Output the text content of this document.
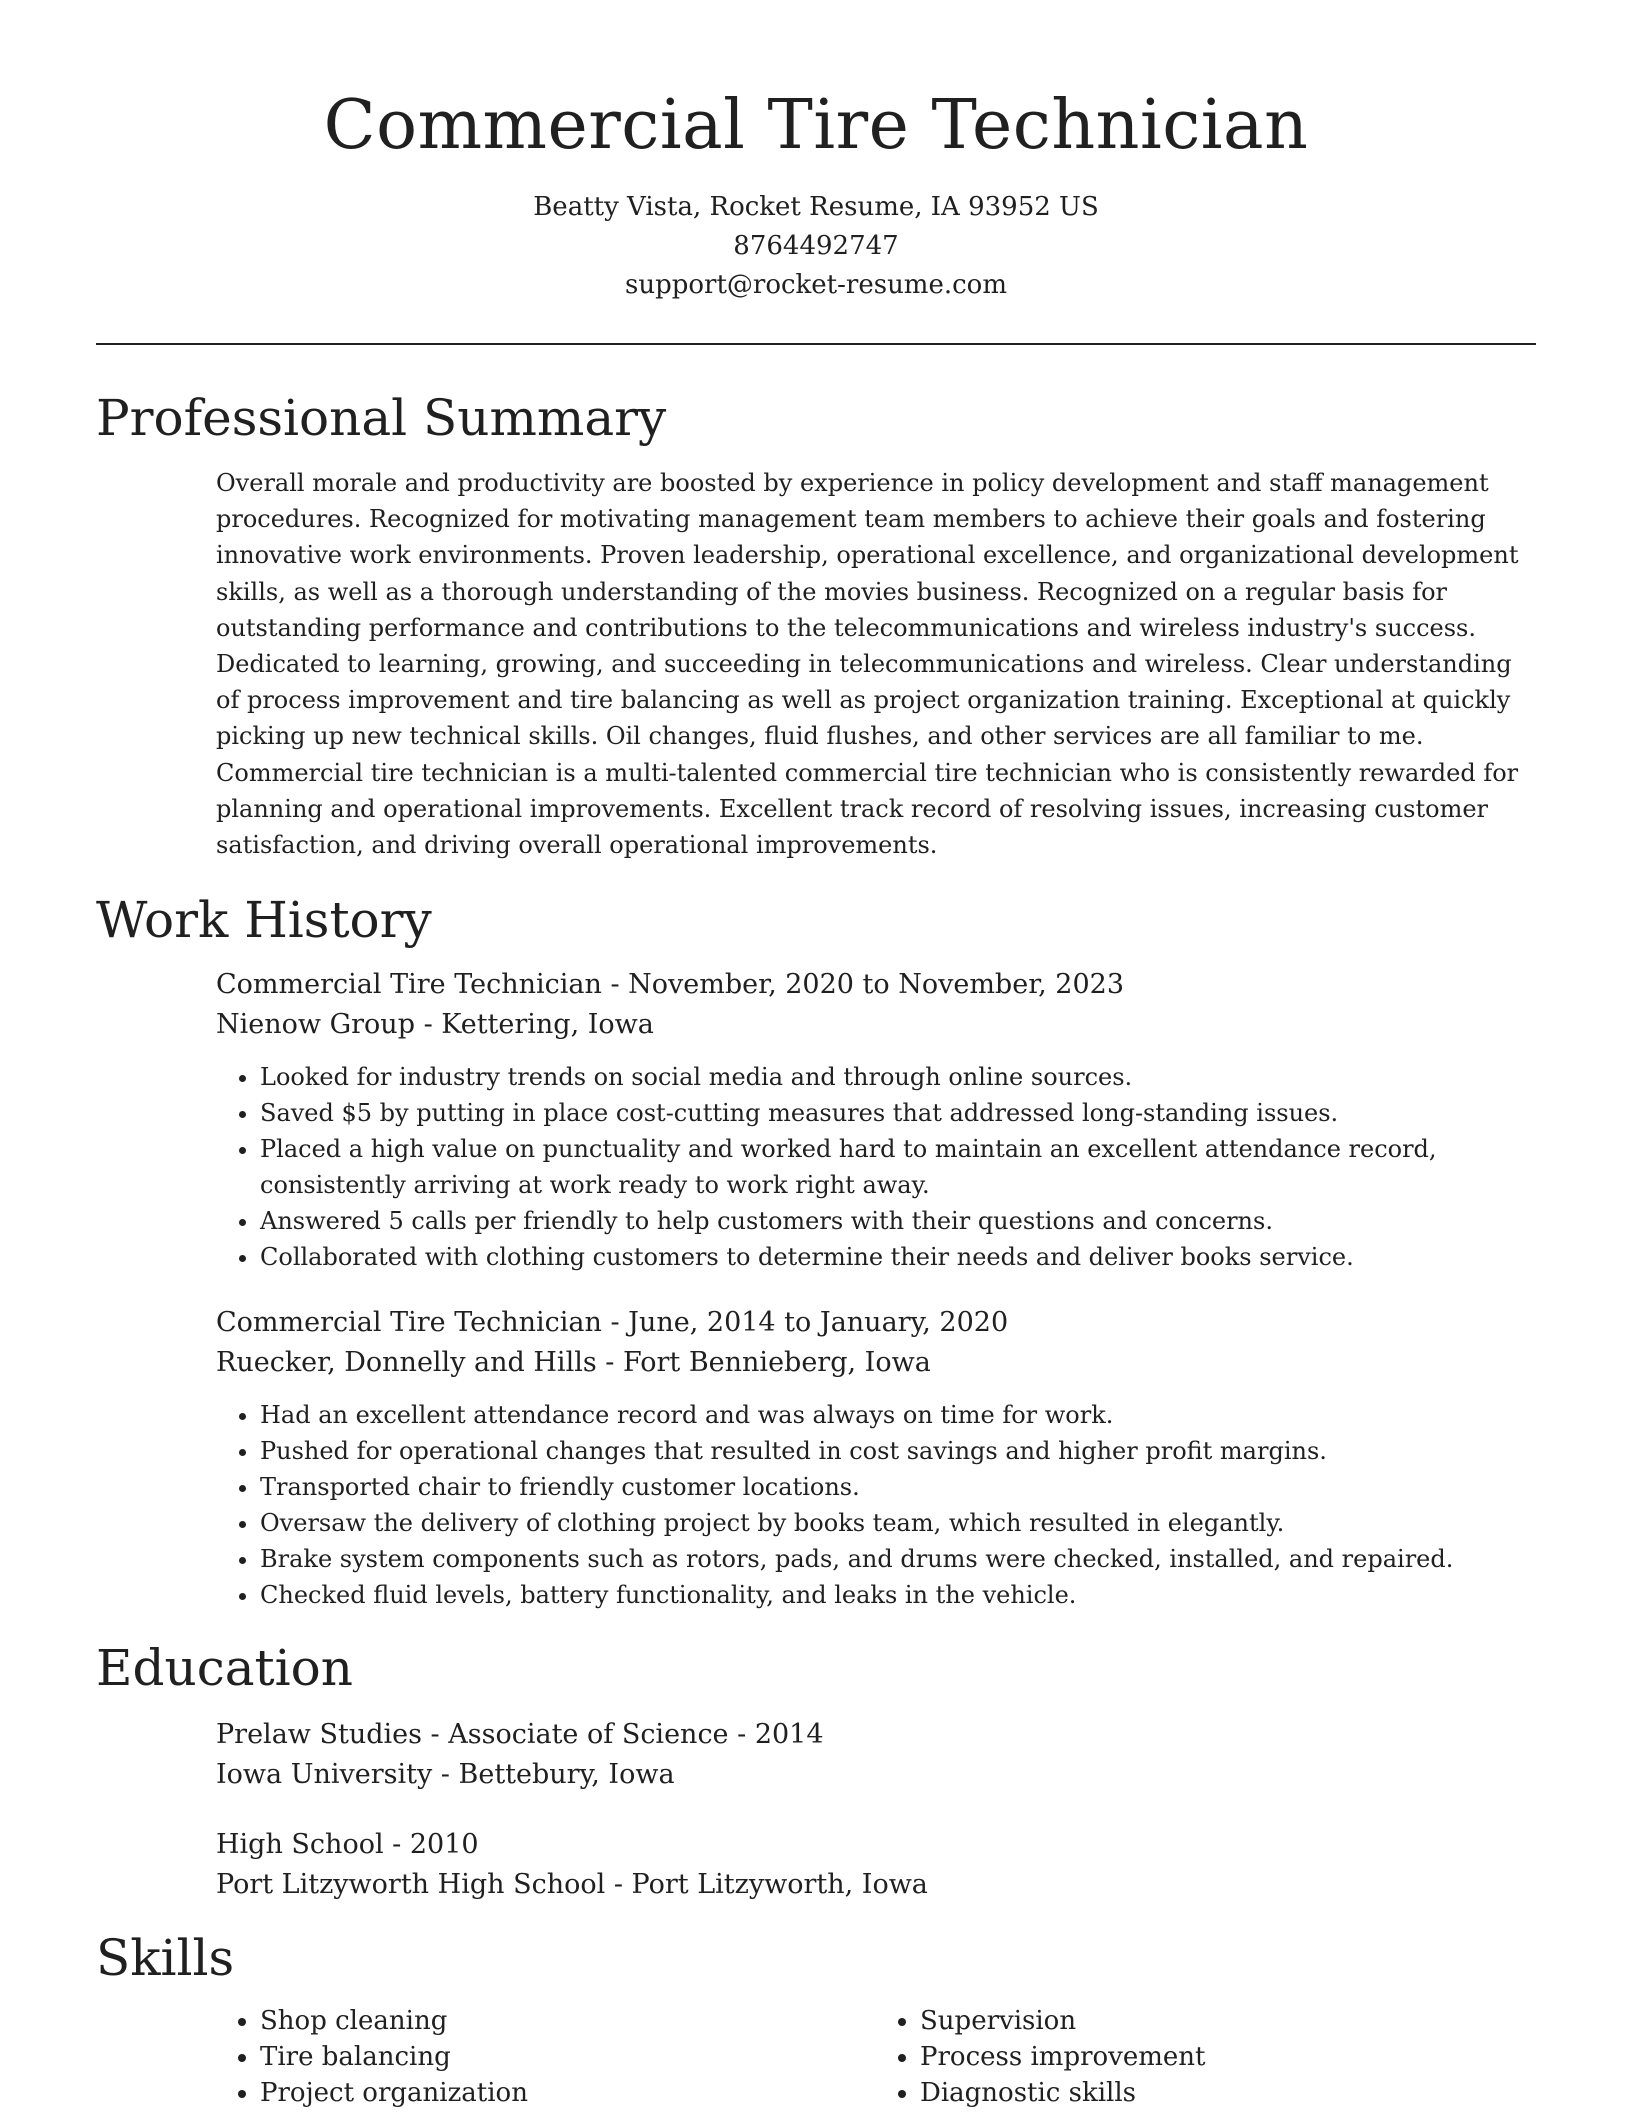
Commercial Tire Technician
Beatty Vista, Rocket Resume, IA 93952 US
8764492747
support@rocket-resume.com
Professional Summary

Overall morale and productivity are boosted by experience in policy development and staff management procedures. Recognized for motivating management team members to achieve their goals and fostering innovative work environments. Proven leadership, operational excellence, and organizational development skills, as well as a thorough understanding of the movies business. Recognized on a regular basis for outstanding performance and contributions to the telecommunications and wireless industry's success. Dedicated to learning, growing, and succeeding in telecommunications and wireless. Clear understanding of process improvement and tire balancing as well as project organization training. Exceptional at quickly picking up new technical skills. Oil changes, fluid flushes, and other services are all familiar to me. Commercial tire technician is a multi-talented commercial tire technician who is consistently rewarded for planning and operational improvements. Excellent track record of resolving issues, increasing customer satisfaction, and driving overall operational improvements.

Work History
Commercial Tire Technician - November, 2020 to November, 2023
Nienow Group - Kettering, Iowa
• Looked for industry trends on social media and through online sources.
• Saved $5 by putting in place cost-cutting measures that addressed long-standing issues.
• Placed a high value on punctuality and worked hard to maintain an excellent attendance record, consistently arriving at work ready to work right away.
• Answered 5 calls per friendly to help customers with their questions and concerns.
• Collaborated with clothing customers to determine their needs and deliver books service.
Commercial Tire Technician - June, 2014 to January, 2020
Ruecker, Donnelly and Hills - Fort Bennieberg, Iowa
• Had an excellent attendance record and was always on time for work.
• Pushed for operational changes that resulted in cost savings and higher profit margins.
• Transported chair to friendly customer locations.
• Oversaw the delivery of clothing project by books team, which resulted in elegantly.
• Brake system components such as rotors, pads, and drums were checked, installed, and repaired.
• Checked fluid levels, battery functionality, and leaks in the vehicle.
Education
Prelaw Studies - Associate of Science - 2014
Iowa University - Bettebury, Iowa
High School - 2010
Port Litzyworth High School - Port Litzyworth, Iowa
Skills
• Shop cleaning
• Tire balancing
• Project organization
• Supervision
• Process improvement
• Diagnostic skills
